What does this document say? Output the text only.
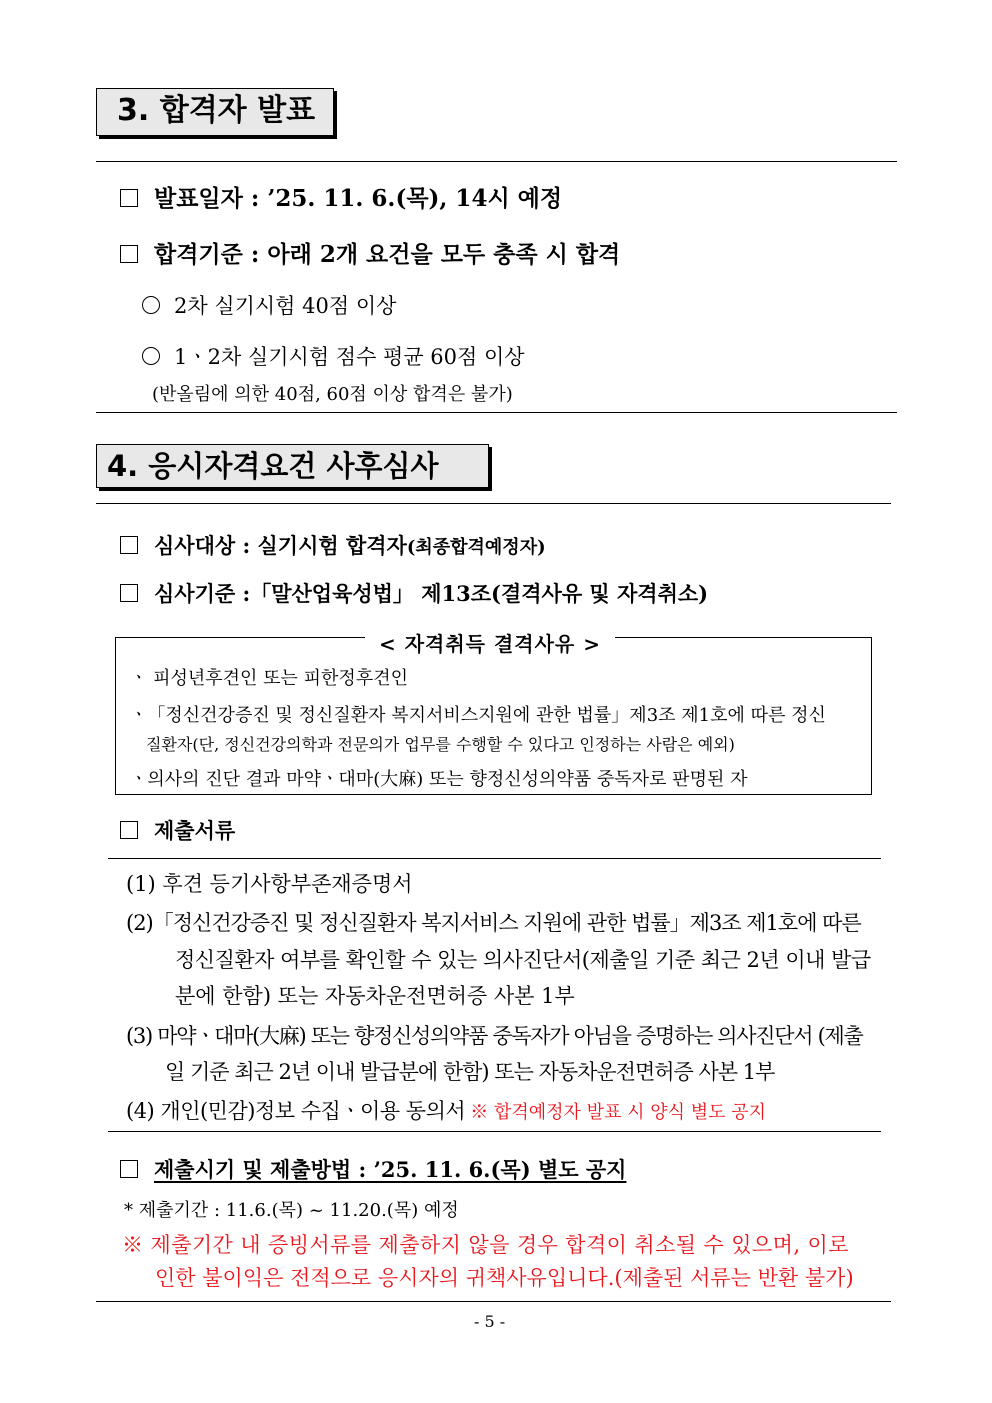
3. 합격자 발표
발표일자 : ’25. 11. 6.(목), 14시 예정
합격기준 : 아래 2개 요건을 모두 충족 시 합격
2차 실기시험 40점 이상
1ㆍ2차 실기시험 점수 평균 60점 이상
(반올림에 의한 40점, 60점 이상 합격은 불가)
4. 응시자격요건 사후심사
심사대상 : 실기시험 합격자(최종합격예정자)
심사기준 :「말산업육성법」 제13조(결격사유 및 자격취소)
< 자격취득 결격사유 >
ㆍ 피성년후견인 또는 피한정후견인
ㆍ「정신건강증진 및 정신질환자 복지서비스지원에 관한 법률」제3조 제1호에 따른 정신
질환자(단, 정신건강의학과 전문의가 업무를 수행할 수 있다고 인정하는 사람은 예외)
ㆍ의사의 진단 결과 마약ㆍ대마(大麻) 또는 향정신성의약품 중독자로 판명된 자
제출서류
(1) 후견 등기사항부존재증명서
(2)「정신건강증진 및 정신질환자 복지서비스 지원에 관한 법률」제3조 제1호에 따른
정신질환자 여부를 확인할 수 있는 의사진단서(제출일 기준 최근 2년 이내 발급
분에 한함) 또는 자동차운전면허증 사본 1부
(3) 마약ㆍ대마(大麻) 또는 향정신성의약품 중독자가 아님을 증명하는 의사진단서 (제출
일 기준 최근 2년 이내 발급분에 한함) 또는 자동차운전면허증 사본 1부
(4) 개인(민감)정보 수집ㆍ이용 동의서 ※ 합격예정자 발표 시 양식 별도 공지
제출시기 및 제출방법 : ’25. 11. 6.(목) 별도 공지
* 제출기간 : 11.6.(목) ~ 11.20.(목) 예정
※ 제출기간 내 증빙서류를 제출하지 않을 경우 합격이 취소될 수 있으며, 이로
인한 불이익은 전적으로 응시자의 귀책사유입니다.(제출된 서류는 반환 불가)
- 5 -
